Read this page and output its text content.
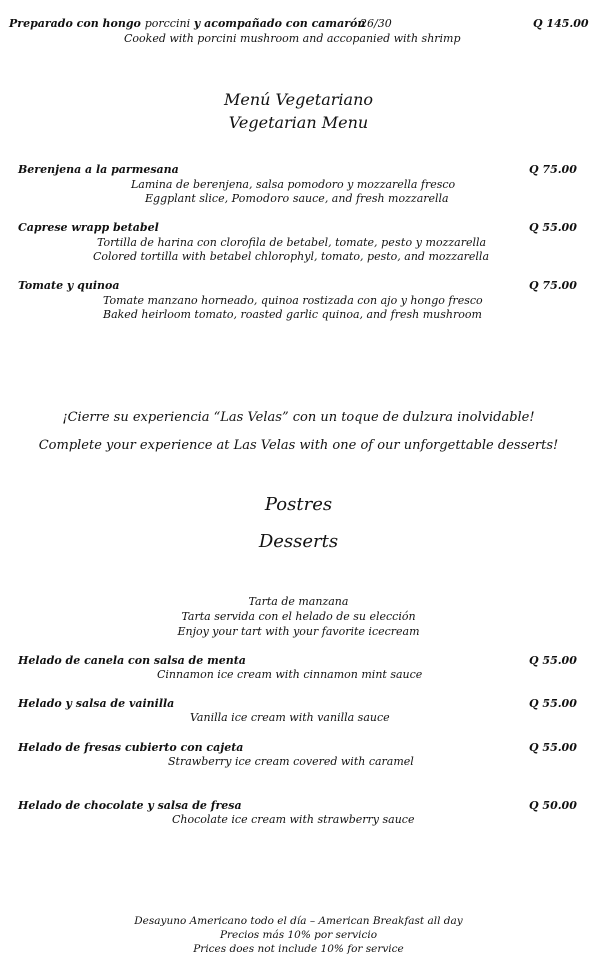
Preparado con hongo porccini y acompañado con camarón
26/30	Q 145.00
Cooked with porcini mushroom and accopanied with shrimp
Menú Vegetariano
Vegetarian Menu
Berenjena a la parmesana	Q 75.00
Lamina de berenjena, salsa pomodoro y mozzarella fresco
Eggplant slice, Pomodoro sauce, and fresh mozzarella
Caprese wrapp betabel	Q 55.00
Tortilla de harina con clorofila de betabel, tomate, pesto y mozzarella
Colored tortilla with betabel chlorophyl, tomato, pesto, and mozzarella
Tomate y quinoa	Q 75.00
Tomate manzano horneado, quinoa rostizada con ajo y hongo fresco
Baked heirloom tomato, roasted garlic quinoa, and fresh mushroom
¡Cierre su experiencia “Las Velas” con un toque de dulzura inolvidable!
Complete your experience at Las Velas with one of our unforgettable desserts!
Postres
Desserts
Tarta de manzana
Tarta servida con el helado de su elección
Enjoy your tart with your favorite icecream
Helado de canela con salsa de menta	Q 55.00
Cinnamon ice cream with cinnamon mint sauce
Helado y salsa de vainilla	Q 55.00
Vanilla ice cream with vanilla sauce
Helado de fresas cubierto con cajeta	Q 55.00
Strawberry ice cream covered with caramel
Helado de chocolate y salsa de fresa	Q 50.00
Chocolate ice cream with strawberry sauce
Desayuno Americano todo el día – American Breakfast all day
Precios más 10% por servicio
Prices does not include 10% for service
